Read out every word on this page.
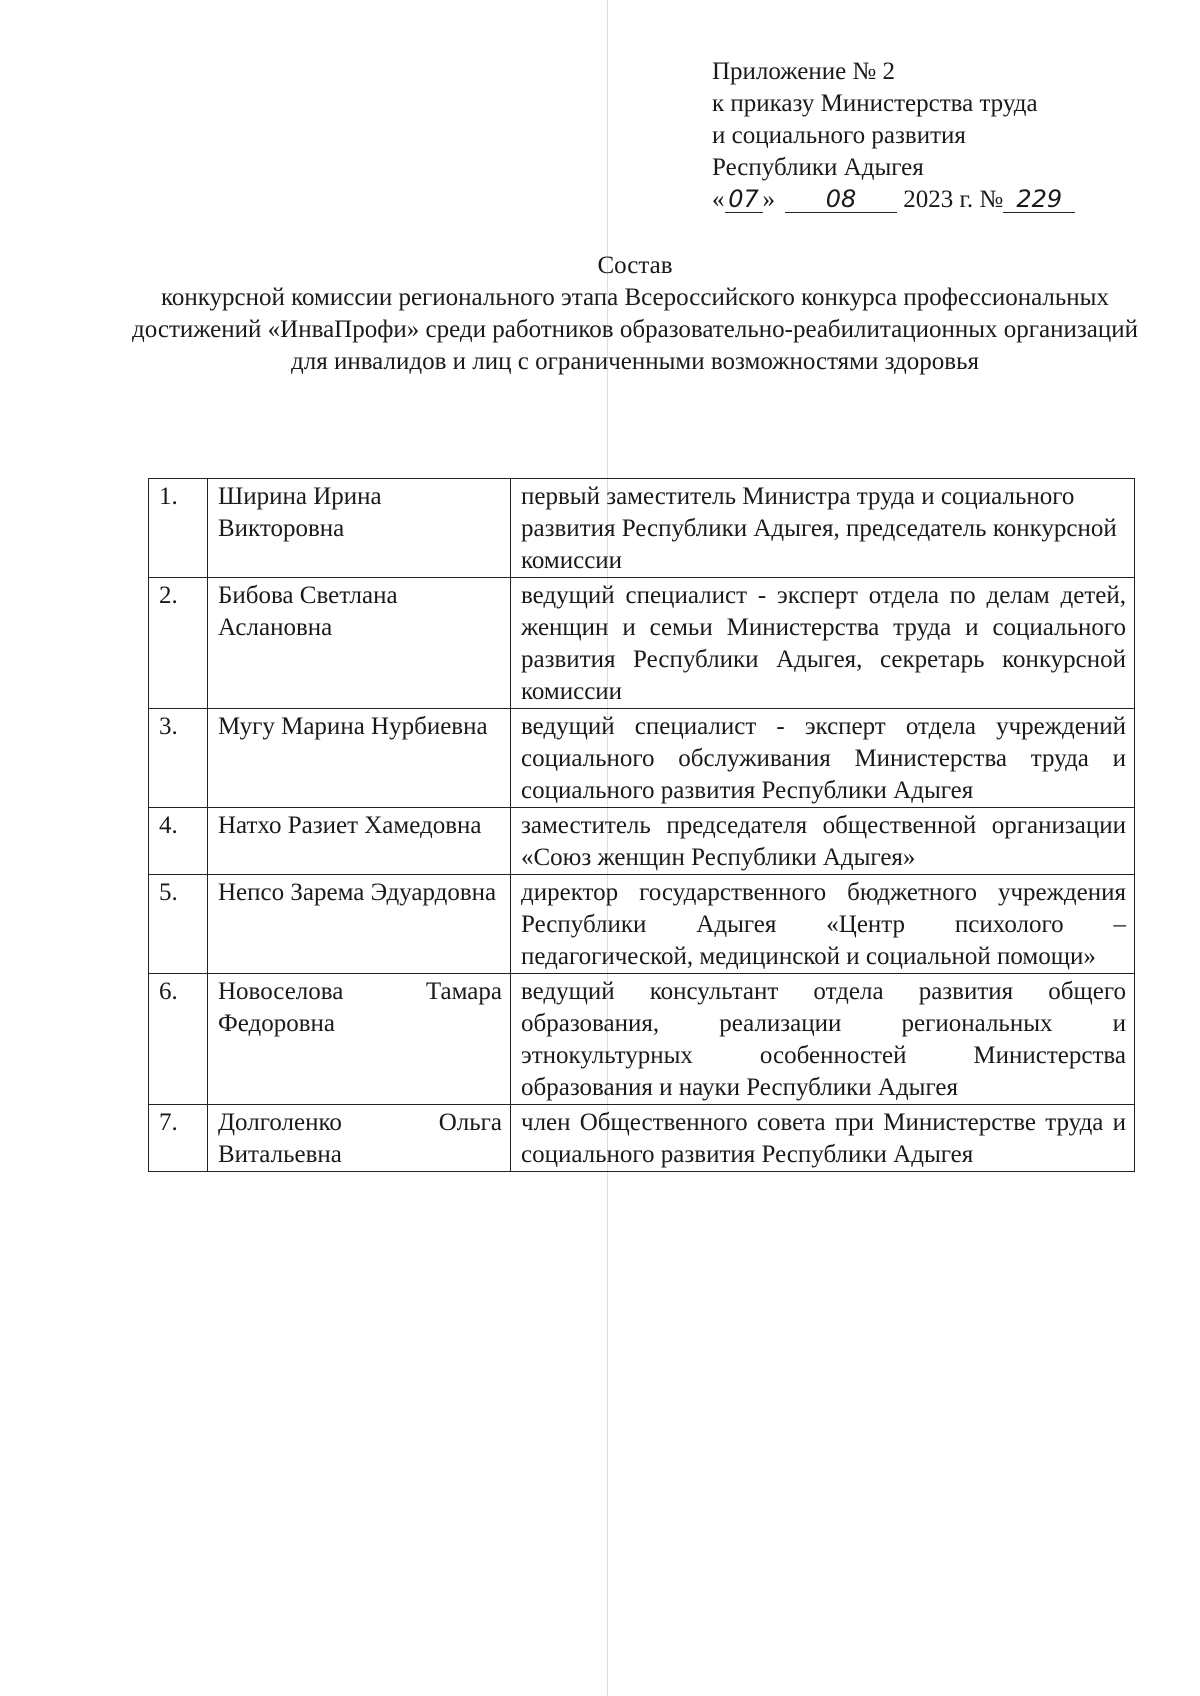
Приложение № 2
к приказу Министерства труда
и социального развития
Республики Адыгея
« 07 » 08 2023 г. № 229
Состав
конкурсной комиссии регионального этапа Всероссийского конкурса профессиональных достижений «ИнваПрофи» среди работников образовательно-реабилитационных организаций для инвалидов и лиц с ограниченными возможностями здоровья
1.	Ширина Ирина Викторовна	первый заместитель Министра труда и социального развития Республики Адыгея, председатель конкурсной комиссии
2.	Бибова Светлана Аслановна	ведущий специалист - эксперт отдела по делам детей, женщин и семьи Министерства труда и социального развития Республики Адыгея, секретарь конкурсной комиссии
3.	Мугу Марина Нурбиевна	ведущий специалист - эксперт отдела учреждений социального обслуживания Министерства труда и социального развития Республики Адыгея
4.	Натхо Разиет Хамедовна	заместитель председателя общественной организации «Союз женщин Республики Адыгея»
5.	Непсо Зарема Эдуардовна	директор государственного бюджетного учреждения Республики Адыгея «Центр психолого – педагогической, медицинской и социальной помощи»
6.	Новоселова Тамара Федоровна	ведущий консультант отдела развития общего образования, реализации региональных и этнокультурных особенностей Министерства образования и науки Республики Адыгея
7.	Долголенко Ольга Витальевна	член Общественного совета при Министерстве труда и социального развития Республики Адыгея
